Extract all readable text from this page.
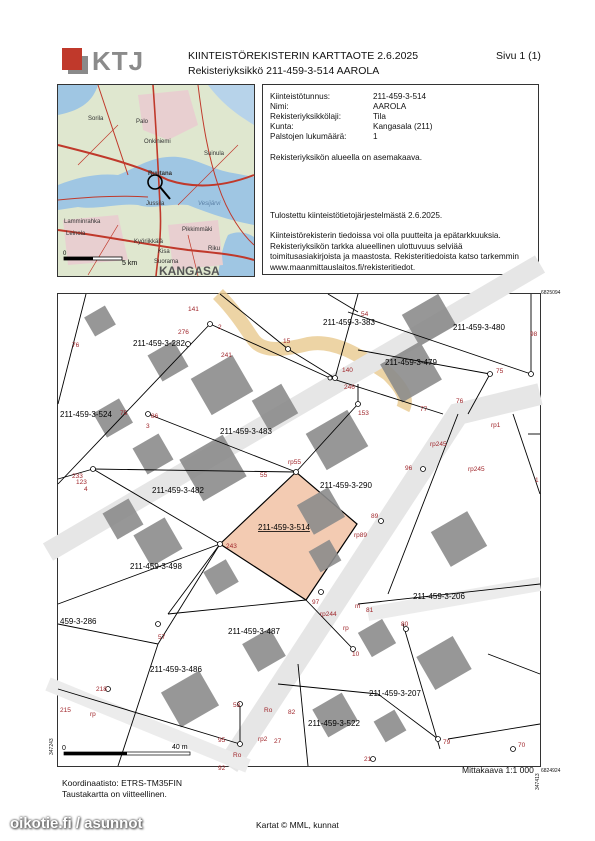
KTJ	KIINTEISTÖREKISTERIN KARTTAOTE 2.6.2025
Rekisteriyksikkö 211-459-3-514 AAROLA
Sivu 1 (1)
Sorila	Palo
Onkiniemi
Suinula
Ruutana
Vesijärvi
Jussila
Lamminrahka
Leinola
Kyöriikkälä
Pikkimmäki
Kisa
Suorama
Riku
0
5 km
KANGASA
Kiinteistötunnus:	211-459-3-514
Nimi:	AAROLA
Rekisteriyksikkölaji:	Tila
Kunta:	Kangasala (211)
Palstojen lukumäärä:	1

Rekisteriyksikön alueella on asemakaava.

Tulostettu kiinteistötietojärjestelmästä 2.6.2025.

Kiinteistörekisterin tiedoissa voi olla puutteita ja epätarkkuuksia. Rekisteriyksikön tarkka alueellinen ulottuvuus selviää toimitusasiakirjoista ja maastosta. Rekisteritiedoista katso tarkemmin www.maanmittauslaitos.fi/rekisteritiedot.

6825094
6824924
347243
347413
211-459-3-282
211-459-3-383
211-459-3-480
211-459-3-479
211-459-3-524
211-459-3-483
211-459-3-482
211-459-3-290
211-459-3-514
211-459-3-498
211-459-3-206
459-3-286
211-459-3-487
211-459-3-486
211-459-3-207
211-459-3-522
141
276
2
15
54
98
241
140
246
75
77
76
76
75	86
3
153
rp245
rp1
rp245
233
123
4
55
rp55
96
89
rp89
243
97
rp244
m
81
rp
57
80
10
218
rp
215
53
Ro 82
95
Ro
rp2 27	79
21
92
70
1
0	40 m
Mittakaava 1:1 000
Koordinaatisto: ETRS-TM35FIN
Taustakartta on viitteellinen.
Kartat © MML, kunnat
oikotie.fi / asunnot
